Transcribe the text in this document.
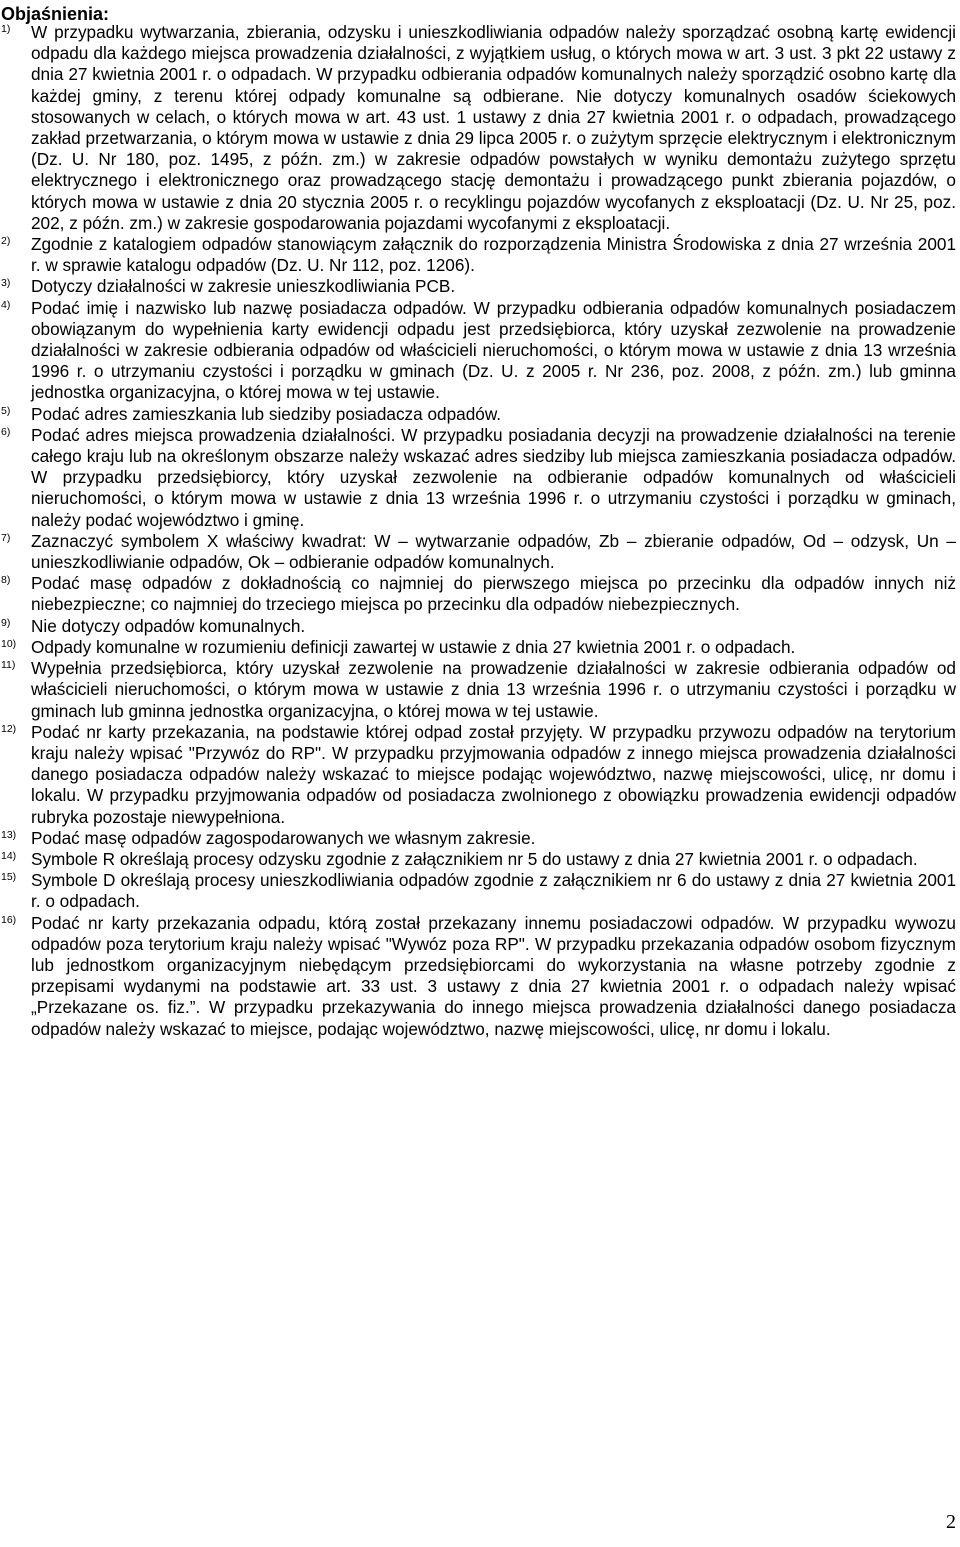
Objaśnienia:
1) W przypadku wytwarzania, zbierania, odzysku i unieszkodliwiania odpadów należy sporządzać osobną kartę ewidencji odpadu dla każdego miejsca prowadzenia działalności, z wyjątkiem usług, o których mowa w art. 3 ust. 3 pkt 22 ustawy z dnia 27 kwietnia 2001 r. o odpadach. W przypadku odbierania odpadów komunalnych należy sporządzić osobno kartę dla każdej gminy, z terenu której odpady komunalne są odbierane. Nie dotyczy komunalnych osadów ściekowych stosowanych w celach, o których mowa w art. 43 ust. 1 ustawy z dnia 27 kwietnia 2001 r. o odpadach, prowadzącego zakład przetwarzania, o którym mowa w ustawie z dnia 29 lipca 2005 r. o zużytym sprzęcie elektrycznym i elektronicznym (Dz. U. Nr 180, poz. 1495, z późn. zm.) w zakresie odpadów powstałych w wyniku demontażu zużytego sprzętu elektrycznego i elektronicznego oraz prowadzącego stację demontażu i prowadzącego punkt zbierania pojazdów, o których mowa w ustawie z dnia 20 stycznia 2005 r. o recyklingu pojazdów wycofanych z eksploatacji (Dz. U. Nr 25, poz. 202, z późn. zm.) w zakresie gospodarowania pojazdami wycofanymi z eksploatacji.

2) Zgodnie z katalogiem odpadów stanowiącym załącznik do rozporządzenia Ministra Środowiska z dnia 27 września 2001 r. w sprawie katalogu odpadów (Dz. U. Nr 112, poz. 1206).

3) Dotyczy działalności w zakresie unieszkodliwiania PCB.

4) Podać imię i nazwisko lub nazwę posiadacza odpadów. W przypadku odbierania odpadów komunalnych posiadaczem obowiązanym do wypełnienia karty ewidencji odpadu jest przedsiębiorca, który uzyskał zezwolenie na prowadzenie działalności w zakresie odbierania odpadów od właścicieli nieruchomości, o którym mowa w ustawie z dnia 13 września 1996 r. o utrzymaniu czystości i porządku w gminach (Dz. U. z 2005 r. Nr 236, poz. 2008, z późn. zm.) lub gminna jednostka organizacyjna, o której mowa w tej ustawie.

5) Podać adres zamieszkania lub siedziby posiadacza odpadów.

6) Podać adres miejsca prowadzenia działalności. W przypadku posiadania decyzji na prowadzenie działalności na terenie całego kraju lub na określonym obszarze należy wskazać adres siedziby lub miejsca zamieszkania posiadacza odpadów. W przypadku przedsiębiorcy, który uzyskał zezwolenie na odbieranie odpadów komunalnych od właścicieli nieruchomości, o którym mowa w ustawie z dnia 13 września 1996 r. o utrzymaniu czystości i porządku w gminach, należy podać województwo i gminę.

7) Zaznaczyć symbolem X właściwy kwadrat: W – wytwarzanie odpadów, Zb – zbieranie odpadów, Od – odzysk, Un – unieszkodliwianie odpadów, Ok – odbieranie odpadów komunalnych.

8) Podać masę odpadów z dokładnością co najmniej do pierwszego miejsca po przecinku dla odpadów innych niż niebezpieczne; co najmniej do trzeciego miejsca po przecinku dla odpadów niebezpiecznych.

9) Nie dotyczy odpadów komunalnych.

10) Odpady komunalne w rozumieniu definicji zawartej w ustawie z dnia 27 kwietnia 2001 r. o odpadach.

11) Wypełnia przedsiębiorca, który uzyskał zezwolenie na prowadzenie działalności w zakresie odbierania odpadów od właścicieli nieruchomości, o którym mowa w ustawie z dnia 13 września 1996 r. o utrzymaniu czystości i porządku w gminach lub gminna jednostka organizacyjna, o której mowa w tej ustawie.

12) Podać nr karty przekazania, na podstawie której odpad został przyjęty. W przypadku przywozu odpadów na terytorium kraju należy wpisać "Przywóz do RP". W przypadku przyjmowania odpadów z innego miejsca prowadzenia działalności danego posiadacza odpadów należy wskazać to miejsce podając województwo, nazwę miejscowości, ulicę, nr domu i lokalu. W przypadku przyjmowania odpadów od posiadacza zwolnionego z obowiązku prowadzenia ewidencji odpadów rubryka pozostaje niewypełniona.

13) Podać masę odpadów zagospodarowanych we własnym zakresie.

14) Symbole R określają procesy odzysku zgodnie z załącznikiem nr 5 do ustawy z dnia 27 kwietnia 2001 r. o odpadach.

15) Symbole D określają procesy unieszkodliwiania odpadów zgodnie z załącznikiem nr 6 do ustawy z dnia 27 kwietnia 2001 r. o odpadach.

16) Podać nr karty przekazania odpadu, którą został przekazany innemu posiadaczowi odpadów. W przypadku wywozu odpadów poza terytorium kraju należy wpisać "Wywóz poza RP". W przypadku przekazania odpadów osobom fizycznym lub jednostkom organizacyjnym niebędącym przedsiębiorcami do wykorzystania na własne potrzeby zgodnie z przepisami wydanymi na podstawie art. 33 ust. 3 ustawy z dnia 27 kwietnia 2001 r. o odpadach należy wpisać „Przekazane os. fiz.”. W przypadku przekazywania do innego miejsca prowadzenia działalności danego posiadacza odpadów należy wskazać to miejsce, podając województwo, nazwę miejscowości, ulicę, nr domu i lokalu.

2
